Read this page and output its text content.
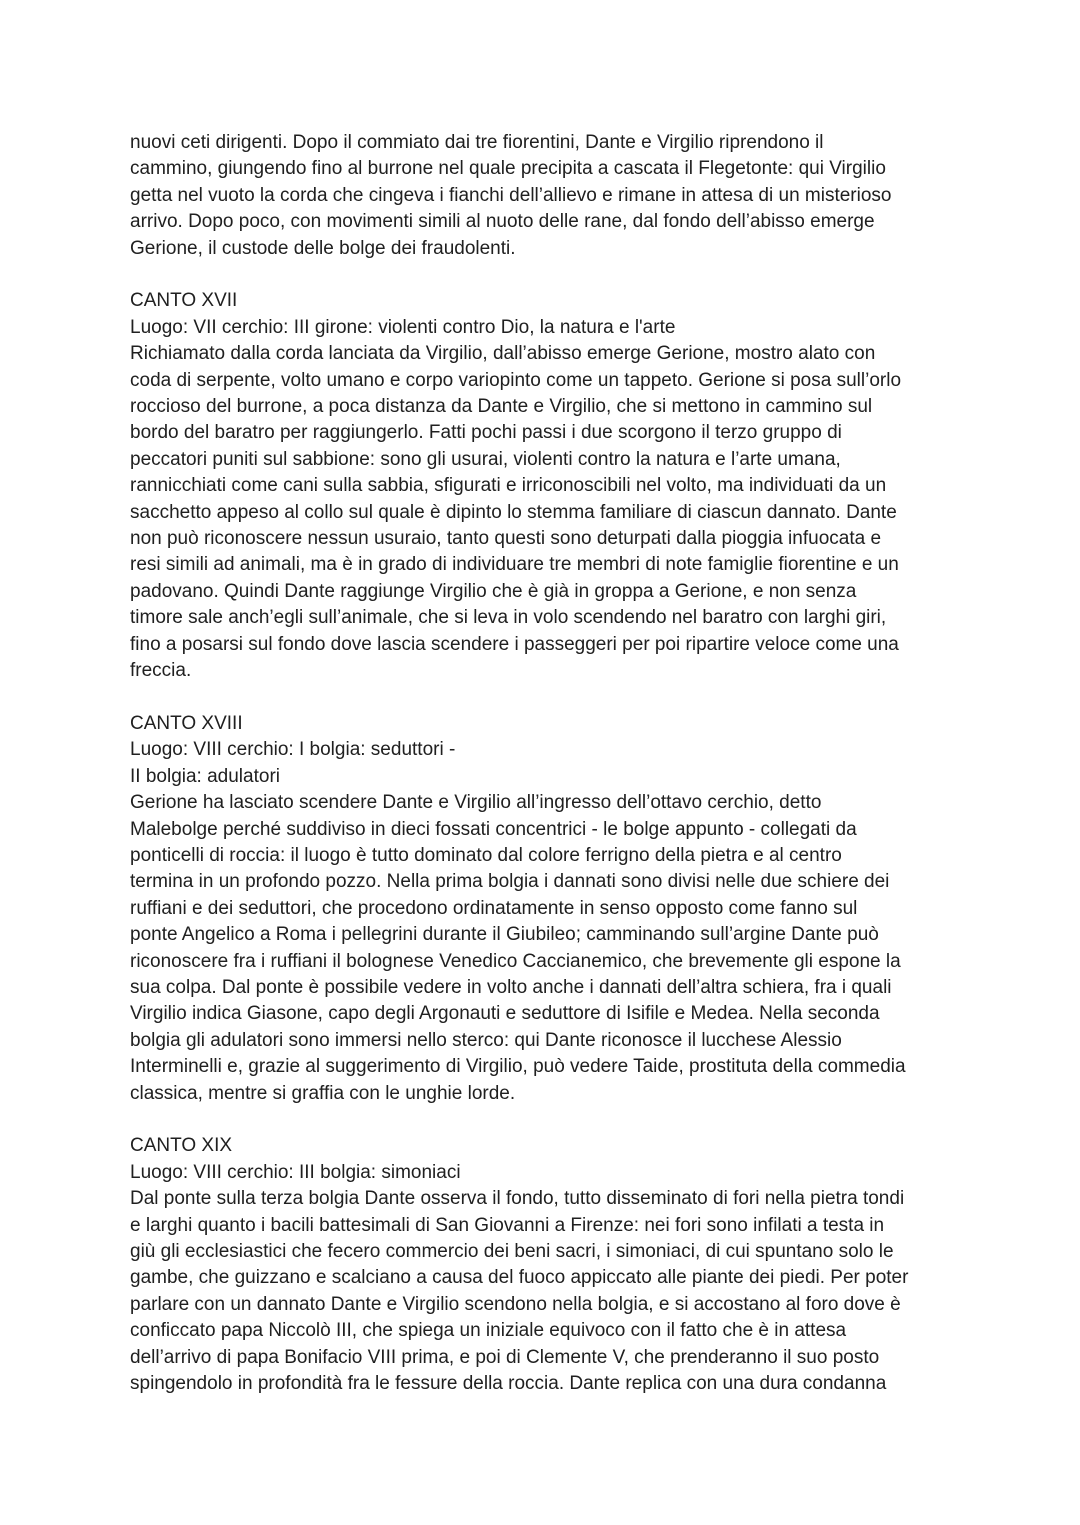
nuovi ceti dirigenti. Dopo il commiato dai tre fiorentini, Dante e Virgilio riprendono il
cammino, giungendo fino al burrone nel quale precipita a cascata il Flegetonte: qui Virgilio
getta nel vuoto la corda che cingeva i fianchi dell’allievo e rimane in attesa di un misterioso
arrivo. Dopo poco, con movimenti simili al nuoto delle rane, dal fondo dell’abisso emerge
Gerione, il custode delle bolge dei fraudolenti.
CANTO XVII
Luogo: VII cerchio: III girone: violenti contro Dio, la natura e l'arte
Richiamato dalla corda lanciata da Virgilio, dall’abisso emerge Gerione, mostro alato con
coda di serpente, volto umano e corpo variopinto come un tappeto. Gerione si posa sull’orlo
roccioso del burrone, a poca distanza da Dante e Virgilio, che si mettono in cammino sul
bordo del baratro per raggiungerlo. Fatti pochi passi i due scorgono il terzo gruppo di
peccatori puniti sul sabbione: sono gli usurai, violenti contro la natura e l’arte umana,
rannicchiati come cani sulla sabbia, sfigurati e irriconoscibili nel volto, ma individuati da un
sacchetto appeso al collo sul quale è dipinto lo stemma familiare di ciascun dannato. Dante
non può riconoscere nessun usuraio, tanto questi sono deturpati dalla pioggia infuocata e
resi simili ad animali, ma è in grado di individuare tre membri di note famiglie fiorentine e un
padovano. Quindi Dante raggiunge Virgilio che è già in groppa a Gerione, e non senza
timore sale anch’egli sull’animale, che si leva in volo scendendo nel baratro con larghi giri,
fino a posarsi sul fondo dove lascia scendere i passeggeri per poi ripartire veloce come una
freccia.
CANTO XVIII
Luogo: VIII cerchio: I bolgia: seduttori -
II bolgia: adulatori
Gerione ha lasciato scendere Dante e Virgilio all’ingresso dell’ottavo cerchio, detto
Malebolge perché suddiviso in dieci fossati concentrici - le bolge appunto - collegati da
ponticelli di roccia: il luogo è tutto dominato dal colore ferrigno della pietra e al centro
termina in un profondo pozzo. Nella prima bolgia i dannati sono divisi nelle due schiere dei
ruffiani e dei seduttori, che procedono ordinatamente in senso opposto come fanno sul
ponte Angelico a Roma i pellegrini durante il Giubileo; camminando sull’argine Dante può
riconoscere fra i ruffiani il bolognese Venedico Caccianemico, che brevemente gli espone la
sua colpa. Dal ponte è possibile vedere in volto anche i dannati dell’altra schiera, fra i quali
Virgilio indica Giasone, capo degli Argonauti e seduttore di Isifile e Medea. Nella seconda
bolgia gli adulatori sono immersi nello sterco: qui Dante riconosce il lucchese Alessio
Interminelli e, grazie al suggerimento di Virgilio, può vedere Taide, prostituta della commedia
classica, mentre si graffia con le unghie lorde.
CANTO XIX
Luogo: VIII cerchio: III bolgia: simoniaci
Dal ponte sulla terza bolgia Dante osserva il fondo, tutto disseminato di fori nella pietra tondi
e larghi quanto i bacili battesimali di San Giovanni a Firenze: nei fori sono infilati a testa in
giù gli ecclesiastici che fecero commercio dei beni sacri, i simoniaci, di cui spuntano solo le
gambe, che guizzano e scalciano a causa del fuoco appiccato alle piante dei piedi. Per poter
parlare con un dannato Dante e Virgilio scendono nella bolgia, e si accostano al foro dove è
conficcato papa Niccolò III, che spiega un iniziale equivoco con il fatto che è in attesa
dell’arrivo di papa Bonifacio VIII prima, e poi di Clemente V, che prenderanno il suo posto
spingendolo in profondità fra le fessure della roccia. Dante replica con una dura condanna
